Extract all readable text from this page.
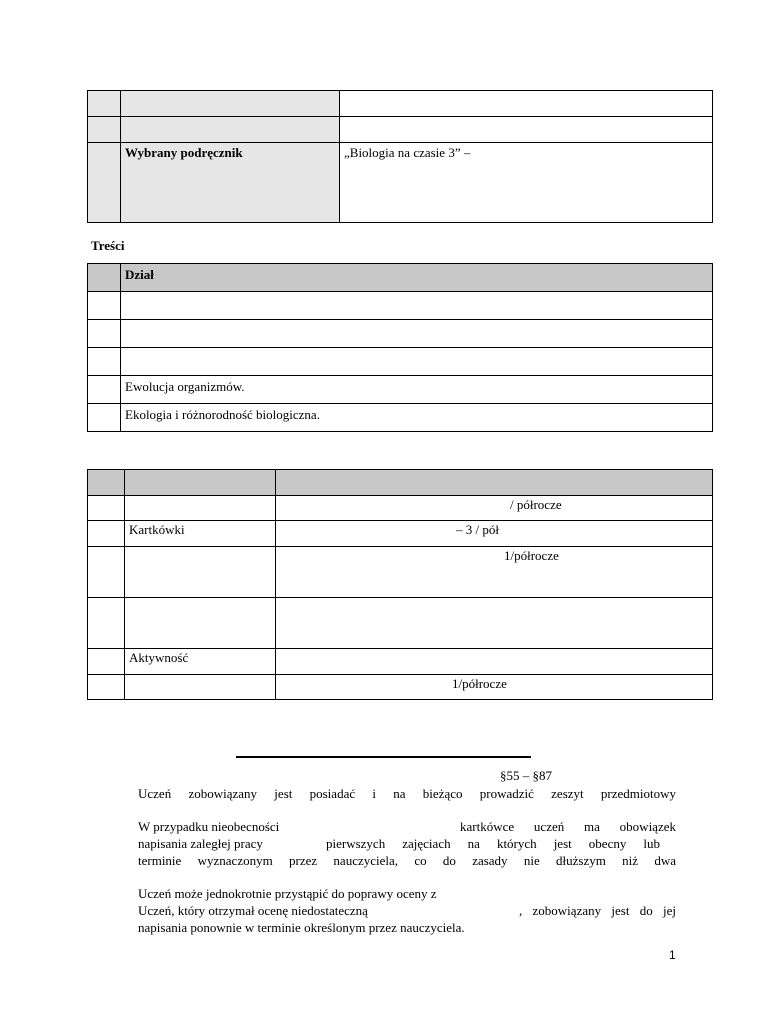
	Wybrany podręcznik	„Biologia na czasie 3” –
Treści
	Dział

	Ewolucja organizmów.
	Ekologia i różnorodność biologiczna.

		/ półrocze

	Kartkówki	– 3 / pół

		1/półrocze

	Aktywność	

		1/półrocze
§55 – §87
Uczeń zobowiązany jest posiadać i na bieżąco prowadzić zeszyt przedmiotowy
W przypadku nieobecności	kartkówce uczeń ma obowiązek
napisania zaległej pracy	pierwszych zajęciach na których jest obecny lub
terminie wyznaczonym przez nauczyciela, co do zasady nie dłuższym niż dwa
Uczeń może jednokrotnie przystąpić do poprawy oceny z
Uczeń, który otrzymał ocenę niedostateczną	, zobowiązany jest do jej
napisania ponownie w terminie określonym przez nauczyciela.
1
